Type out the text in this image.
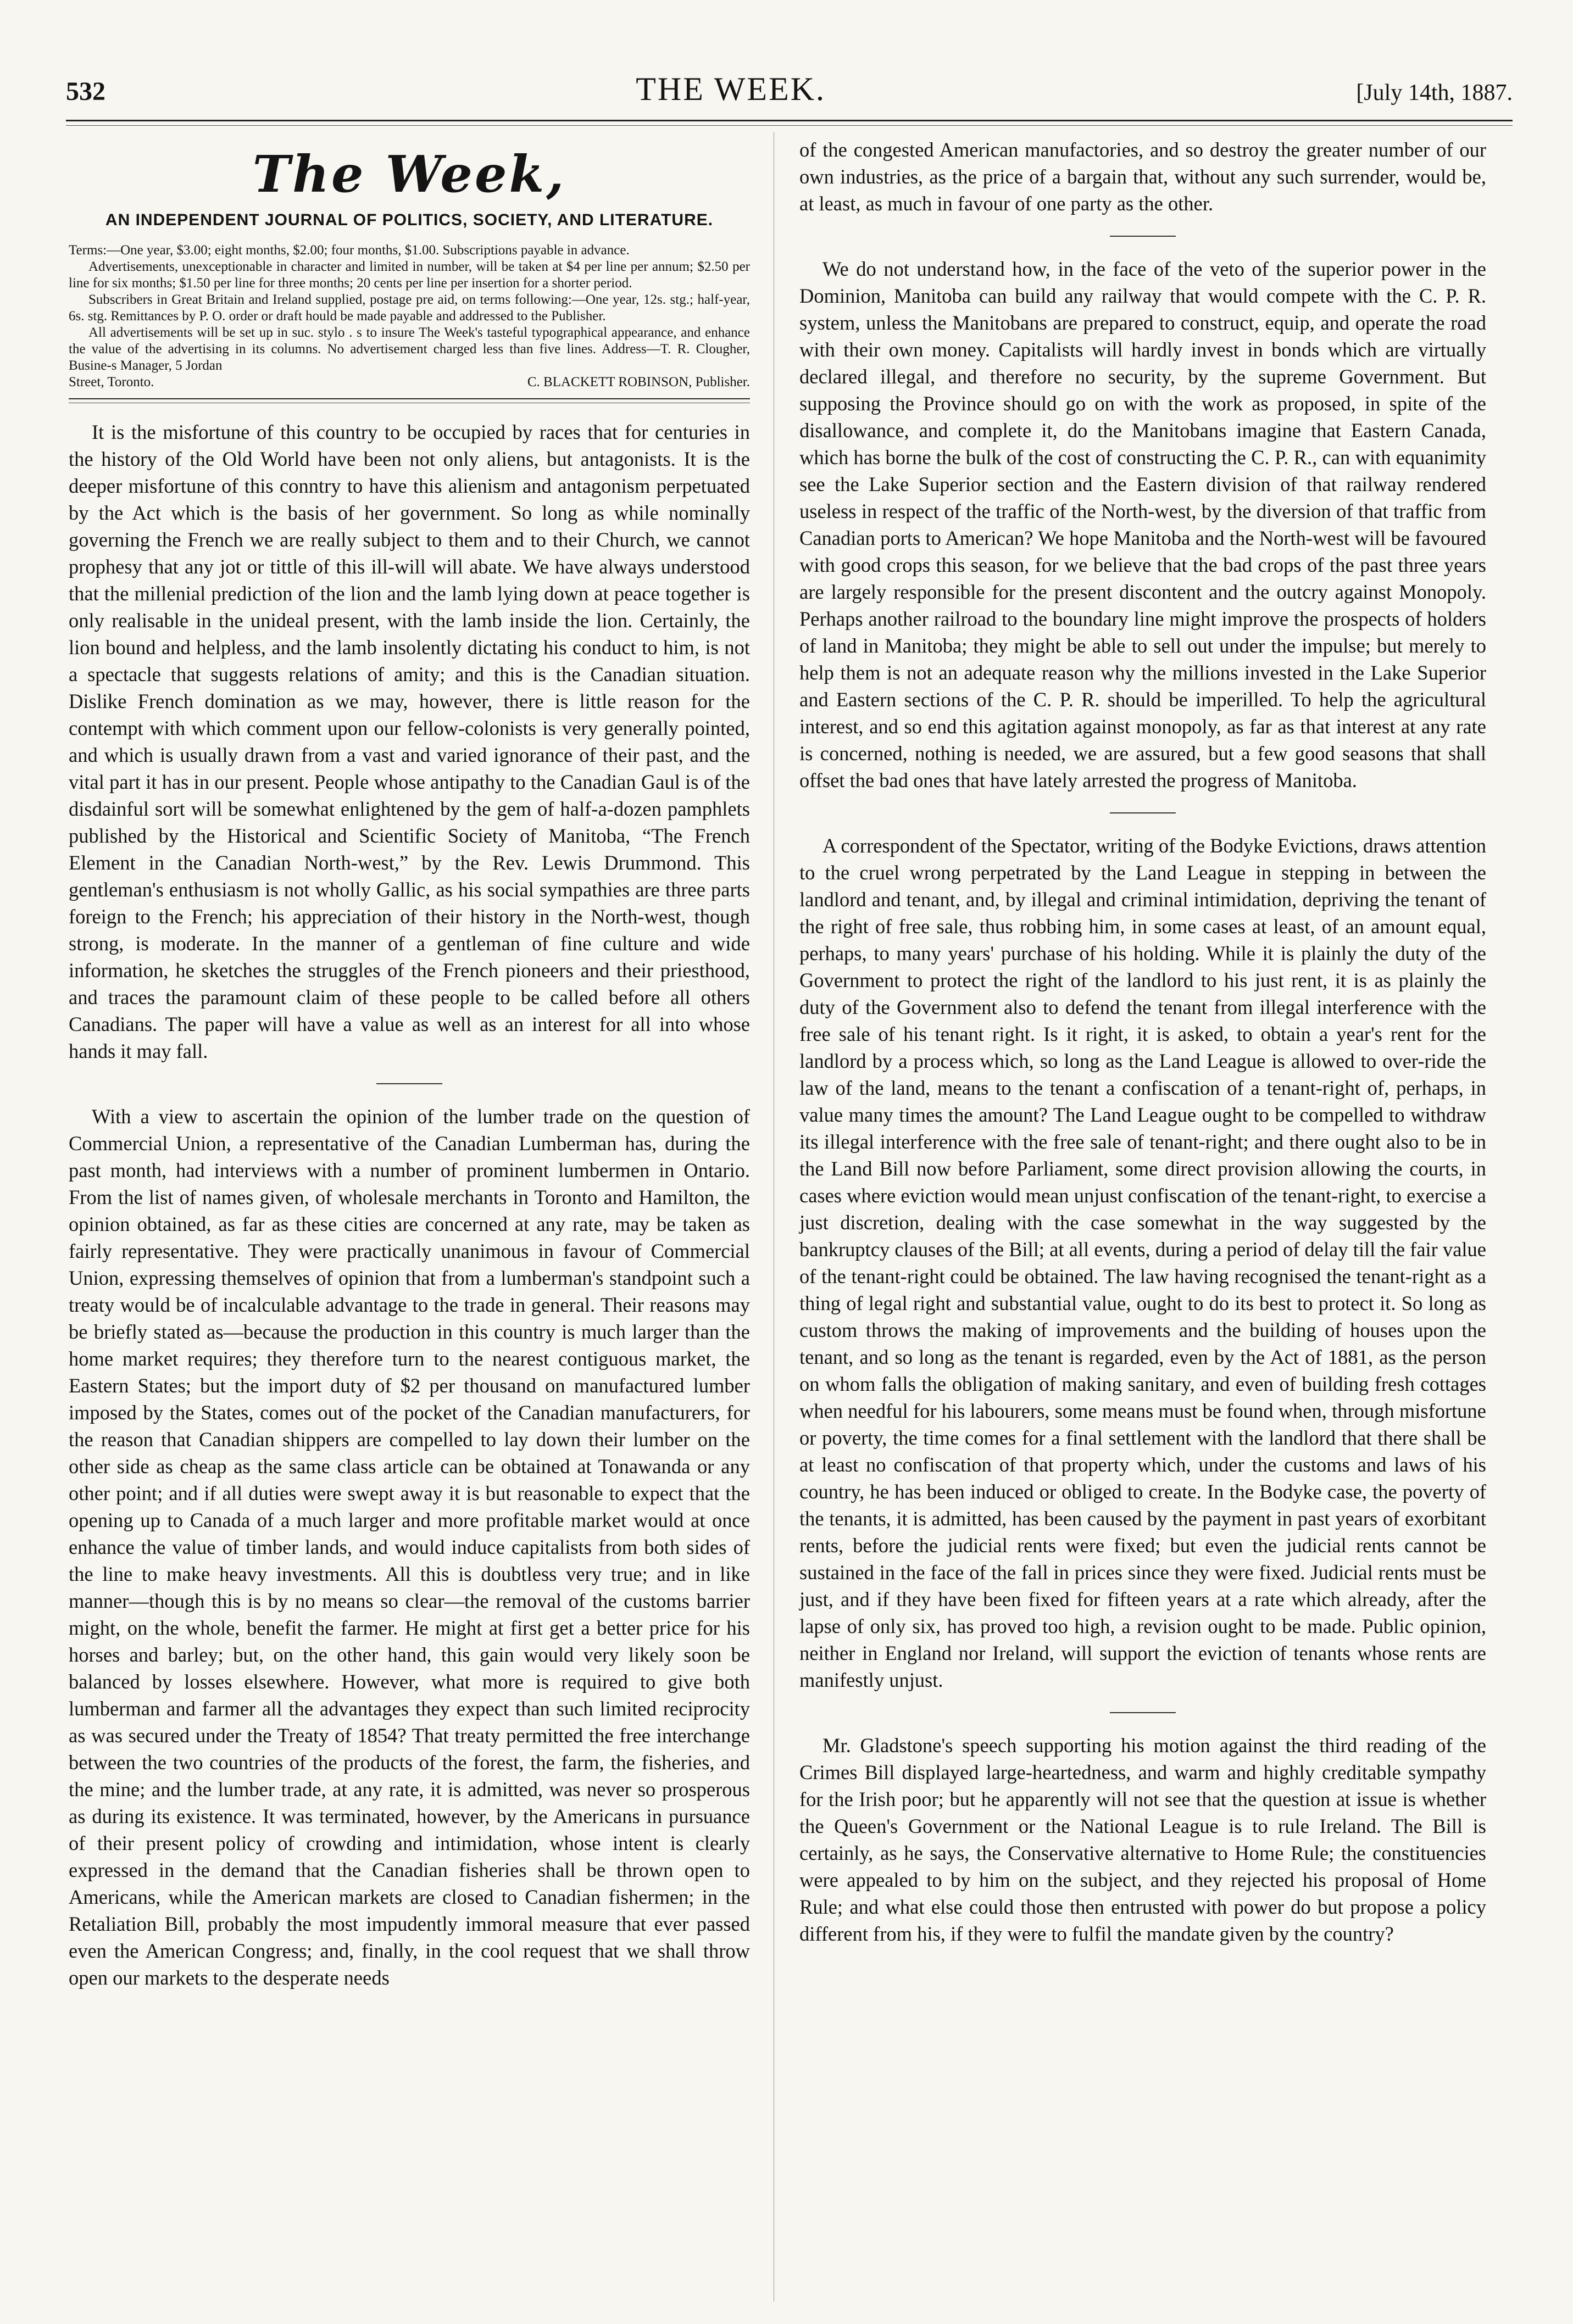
532	THE WEEK.	[July 14th, 1887.
The Week,
AN INDEPENDENT JOURNAL OF POLITICS, SOCIETY, AND LITERATURE.

Terms:—One year, $3.00; eight months, $2.00; four months, $1.00. Subscriptions payable in advance.

Advertisements, unexceptionable in character and limited in number, will be taken at $4 per line per annum; $2.50 per line for six months; $1.50 per line for three months; 20 cents per line per insertion for a shorter period.

Subscribers in Great Britain and Ireland supplied, postage pre aid, on terms following:—One year, 12s. stg.; half-year, 6s. stg. Remittances by P. O. order or draft hould be made payable and addressed to the Publisher.

All advertisements will be set up in suc. stylo . s to insure The Week's tasteful typographical appearance, and enhance the value of the advertising in its columns. No advertisement charged less than five lines. Address—T. R. Clougher, Busine-s Manager, 5 Jordan

Street, Toronto.	C. BLACKETT ROBINSON, Publisher.

It is the misfortune of this country to be occupied by races that for centuries in the history of the Old World have been not only aliens, but antagonists. It is the deeper misfortune of this conntry to have this alienism and antagonism perpetuated by the Act which is the basis of her government. So long as while nominally governing the French we are really subject to them and to their Church, we cannot prophesy that any jot or tittle of this ill-will will abate. We have always understood that the millenial prediction of the lion and the lamb lying down at peace together is only realisable in the unideal present, with the lamb inside the lion. Certainly, the lion bound and helpless, and the lamb insolently dictating his conduct to him, is not a spectacle that suggests relations of amity; and this is the Canadian situation. Dislike French domination as we may, however, there is little reason for the contempt with which comment upon our fellow-colonists is very generally pointed, and which is usually drawn from a vast and varied ignorance of their past, and the vital part it has in our present. People whose antipathy to the Canadian Gaul is of the disdainful sort will be somewhat enlightened by the gem of half-a-dozen pamphlets published by the Historical and Scientific Society of Manitoba, “The French Element in the Canadian North-west,” by the Rev. Lewis Drummond. This gentleman's enthusiasm is not wholly Gallic, as his social sympathies are three parts foreign to the French; his appreciation of their history in the North-west, though strong, is moderate. In the manner of a gentleman of fine culture and wide information, he sketches the struggles of the French pioneers and their priesthood, and traces the paramount claim of these people to be called before all others Canadians. The paper will have a value as well as an interest for all into whose hands it may fall.

With a view to ascertain the opinion of the lumber trade on the question of Commercial Union, a representative of the Canadian Lumberman has, during the past month, had interviews with a number of prominent lumbermen in Ontario. From the list of names given, of wholesale merchants in Toronto and Hamilton, the opinion obtained, as far as these cities are concerned at any rate, may be taken as fairly representative. They were practically unanimous in favour of Commercial Union, expressing themselves of opinion that from a lumberman's standpoint such a treaty would be of incalculable advantage to the trade in general. Their reasons may be briefly stated as—because the production in this country is much larger than the home market requires; they therefore turn to the nearest contiguous market, the Eastern States; but the import duty of $2 per thousand on manufactured lumber imposed by the States, comes out of the pocket of the Canadian manufacturers, for the reason that Canadian shippers are compelled to lay down their lumber on the other side as cheap as the same class article can be obtained at Tonawanda or any other point; and if all duties were swept away it is but reasonable to expect that the opening up to Canada of a much larger and more profitable market would at once enhance the value of timber lands, and would induce capitalists from both sides of the line to make heavy investments. All this is doubtless very true; and in like manner—though this is by no means so clear—the removal of the customs barrier might, on the whole, benefit the farmer. He might at first get a better price for his horses and barley; but, on the other hand, this gain would very likely soon be balanced by losses elsewhere. However, what more is required to give both lumberman and farmer all the advantages they expect than such limited reciprocity as was secured under the Treaty of 1854? That treaty permitted the free interchange between the two countries of the products of the forest, the farm, the fisheries, and the mine; and the lumber trade, at any rate, it is admitted, was never so prosperous as during its existence. It was terminated, however, by the Americans in pursuance of their present policy of crowding and intimidation, whose intent is clearly expressed in the demand that the Canadian fisheries shall be thrown open to Americans, while the American markets are closed to Canadian fishermen; in the Retaliation Bill, probably the most impudently immoral measure that ever passed even the American Congress; and, finally, in the cool request that we shall throw open our markets to the desperate needs

of the congested American manufactories, and so destroy the greater number of our own industries, as the price of a bargain that, without any such surrender, would be, at least, as much in favour of one party as the other.

We do not understand how, in the face of the veto of the superior power in the Dominion, Manitoba can build any railway that would compete with the C. P. R. system, unless the Manitobans are prepared to construct, equip, and operate the road with their own money. Capitalists will hardly invest in bonds which are virtually declared illegal, and therefore no security, by the supreme Government. But supposing the Province should go on with the work as proposed, in spite of the disallowance, and complete it, do the Manitobans imagine that Eastern Canada, which has borne the bulk of the cost of constructing the C. P. R., can with equanimity see the Lake Superior section and the Eastern division of that railway rendered useless in respect of the traffic of the North-west, by the diversion of that traffic from Canadian ports to American? We hope Manitoba and the North-west will be favoured with good crops this season, for we believe that the bad crops of the past three years are largely responsible for the present discontent and the outcry against Monopoly. Perhaps another railroad to the boundary line might improve the prospects of holders of land in Manitoba; they might be able to sell out under the impulse; but merely to help them is not an adequate reason why the millions invested in the Lake Superior and Eastern sections of the C. P. R. should be imperilled. To help the agricultural interest, and so end this agitation against monopoly, as far as that interest at any rate is concerned, nothing is needed, we are assured, but a few good seasons that shall offset the bad ones that have lately arrested the progress of Manitoba.

A correspondent of the Spectator, writing of the Bodyke Evictions, draws attention to the cruel wrong perpetrated by the Land League in stepping in between the landlord and tenant, and, by illegal and criminal intimidation, depriving the tenant of the right of free sale, thus robbing him, in some cases at least, of an amount equal, perhaps, to many years' purchase of his holding. While it is plainly the duty of the Government to protect the right of the landlord to his just rent, it is as plainly the duty of the Government also to defend the tenant from illegal interference with the free sale of his tenant right. Is it right, it is asked, to obtain a year's rent for the landlord by a process which, so long as the Land League is allowed to over-ride the law of the land, means to the tenant a confiscation of a tenant-right of, perhaps, in value many times the amount? The Land League ought to be compelled to withdraw its illegal interference with the free sale of tenant-right; and there ought also to be in the Land Bill now before Parliament, some direct provision allowing the courts, in cases where eviction would mean unjust confiscation of the tenant-right, to exercise a just discretion, dealing with the case somewhat in the way suggested by the bankruptcy clauses of the Bill; at all events, during a period of delay till the fair value of the tenant-right could be obtained. The law having recognised the tenant-right as a thing of legal right and substantial value, ought to do its best to protect it. So long as custom throws the making of improvements and the building of houses upon the tenant, and so long as the tenant is regarded, even by the Act of 1881, as the person on whom falls the obligation of making sanitary, and even of building fresh cottages when needful for his labourers, some means must be found when, through misfortune or poverty, the time comes for a final settlement with the landlord that there shall be at least no confiscation of that property which, under the customs and laws of his country, he has been induced or obliged to create. In the Bodyke case, the poverty of the tenants, it is admitted, has been caused by the payment in past years of exorbitant rents, before the judicial rents were fixed; but even the judicial rents cannot be sustained in the face of the fall in prices since they were fixed. Judicial rents must be just, and if they have been fixed for fifteen years at a rate which already, after the lapse of only six, has proved too high, a revision ought to be made. Public opinion, neither in England nor Ireland, will support the eviction of tenants whose rents are manifestly unjust.

Mr. Gladstone's speech supporting his motion against the third reading of the Crimes Bill displayed large-heartedness, and warm and highly creditable sympathy for the Irish poor; but he apparently will not see that the question at issue is whether the Queen's Government or the National League is to rule Ireland. The Bill is certainly, as he says, the Conservative alternative to Home Rule; the constituencies were appealed to by him on the subject, and they rejected his proposal of Home Rule; and what else could those then entrusted with power do but propose a policy different from his, if they were to fulfil the mandate given by the country?
